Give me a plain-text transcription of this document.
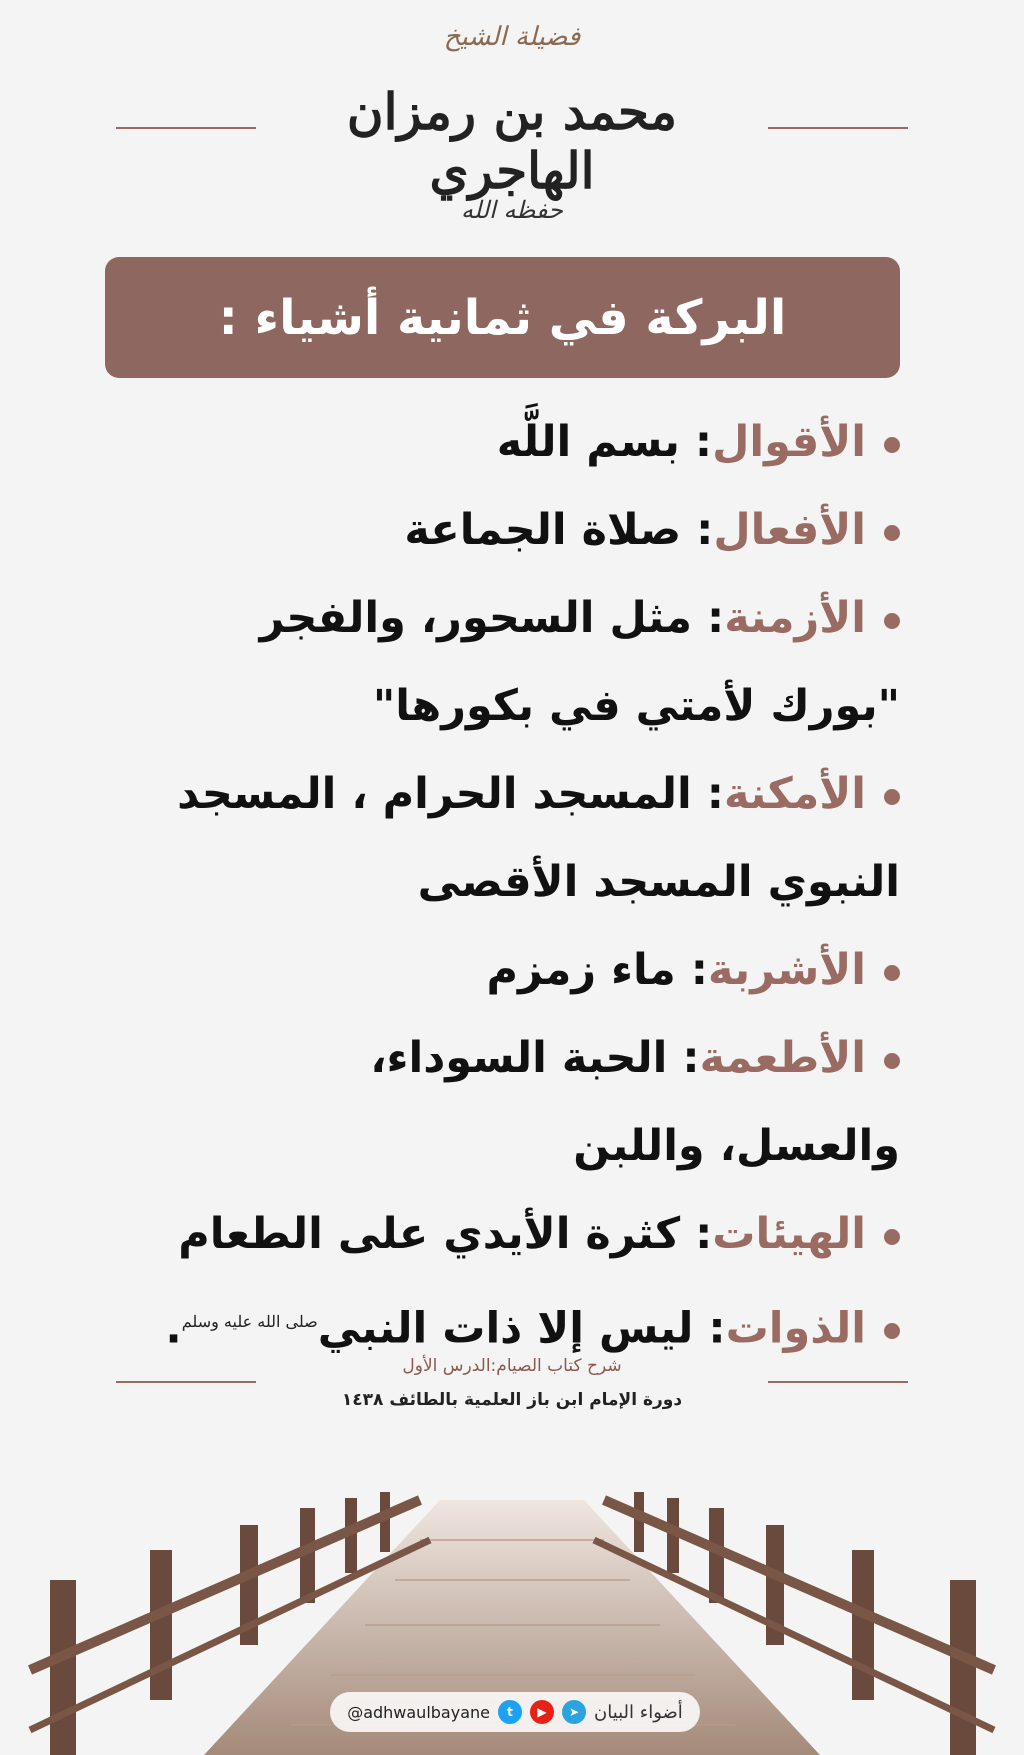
فضيلة الشيخ
محمد بن رمزان الهاجري
حفظه الله
البركة في ثمانية أشياء :
الأقوال: بسم اللَّه
الأفعال: صلاة الجماعة
الأزمنة: مثل السحور، والفجر
"بورك لأمتي في بكورها"
الأمكنة: المسجد الحرام ، المسجد
النبوي المسجد الأقصى
الأشربة: ماء زمزم
الأطعمة: الحبة السوداء،
والعسل، واللبن
الهيئات: كثرة الأيدي على الطعام
الذوات: ليس إلا ذات النبيصلى الله عليه وسلم.
شرح كتاب الصيام:الدرس الأول
دورة الإمام ابن باز العلمية بالطائف ١٤٣٨
@adhwaulbayane	t	▶	➤ أضواء البيان
